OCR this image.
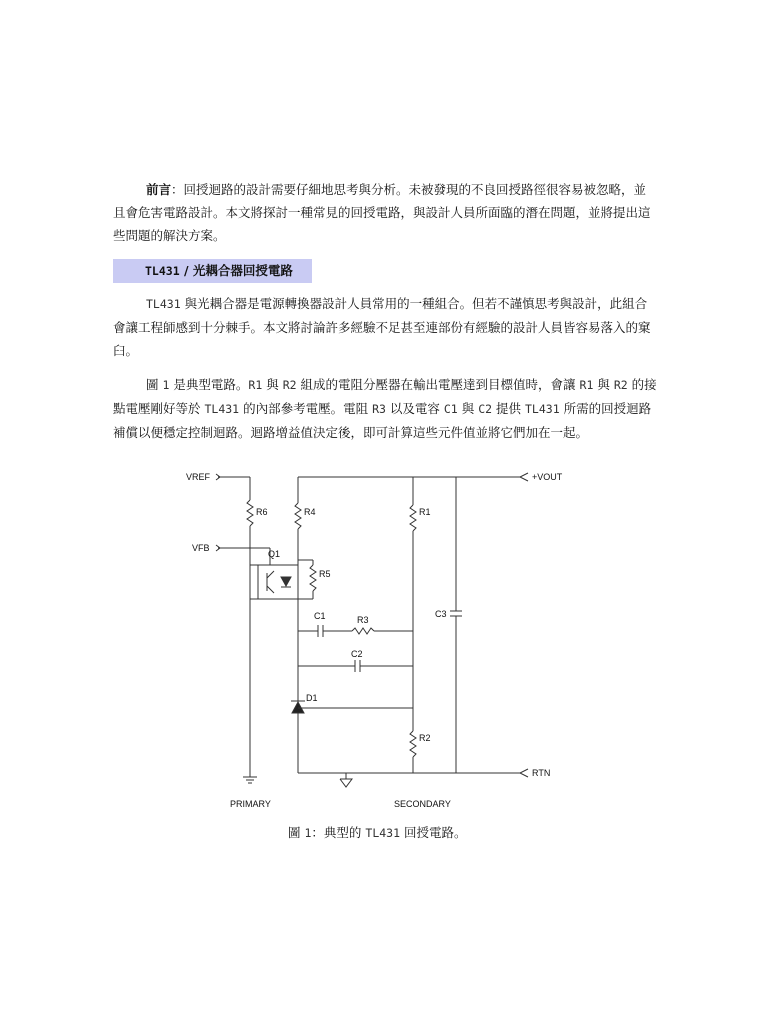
前言：回授迴路的設計需要仔細地思考與分析。未被發現的不良回授路徑很容易被忽略，並且會危害電路設計。本文將探討一種常見的回授電路，與設計人員所面臨的潛在問題，並將提出這些問題的解決方案。

TL431 / 光耦合器回授電路

TL431 與光耦合器是電源轉換器設計人員常用的一種組合。但若不謹慎思考與設計，此組合會讓工程師感到十分棘手。本文將討論許多經驗不足甚至連部份有經驗的設計人員皆容易落入的窠臼。

圖 1 是典型電路。R1 與 R2 組成的電阻分壓器在輸出電壓達到目標值時，會讓 R1 與 R2 的接點電壓剛好等於 TL431 的內部參考電壓。電阻 R3 以及電容 C1 與 C2 提供 TL431 所需的回授迴路補償以便穩定控制迴路。迴路增益值決定後，即可計算這些元件值並將它們加在一起。

VREF
VFB
+VOUT
RTN
R6	R4	R1
R5
Q1
C1	R3
C2
C3
D1
R2
PRIMARY	SECONDARY
圖 1：典型的 TL431 回授電路。
